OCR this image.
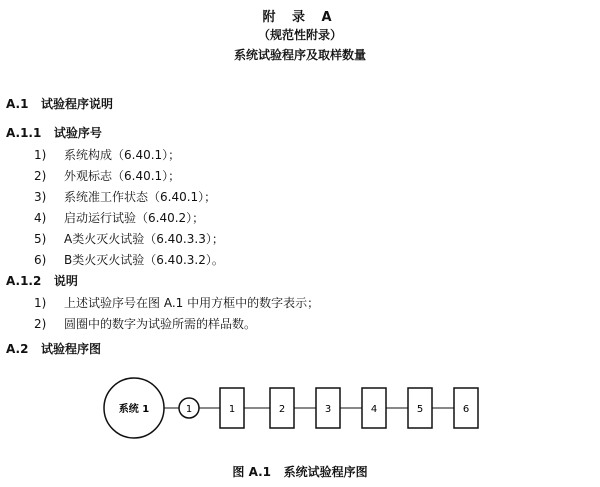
附 录 A
（规范性附录）
系统试验程序及取样数量
A.1 试验程序说明
A.1.1 试验序号
1) 系统构成（6.40.1）；
2) 外观标志（6.40.1）；
3) 系统准工作状态（6.40.1）；
4) 启动运行试验（6.40.2）；
5) A类火灭火试验（6.40.3.3）；
6) B类火灭火试验（6.40.3.2）。
A.1.2 说明
1) 上述试验序号在图 A.1 中用方框中的数字表示；
2) 圆圈中的数字为试验所需的样品数。
A.2 试验程序图
系统 1	1	1	2	3	4	5	6
图 A.1 系统试验程序图
